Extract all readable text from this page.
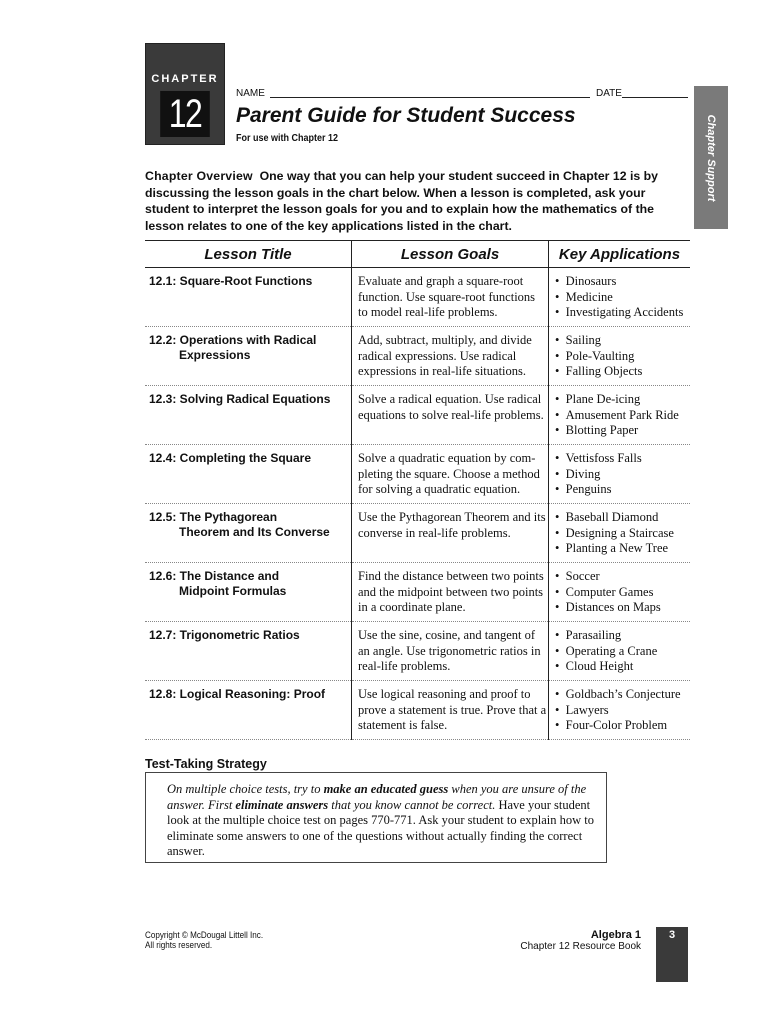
CHAPTER
12	NAME	DATE
Parent Guide for Student Success
For use with Chapter 12	Chapter Support
Chapter Overview One way that you can help your student succeed in Chapter 12 is by discussing the lesson goals in the chart below. When a lesson is completed, ask your student to interpret the lesson goals for you and to explain how the mathematics of the lesson relates to one of the key applications listed in the chart.
Lesson Title	Lesson Goals	Key Applications

12.1: Square-Root Functions	Evaluate and graph a square-root
function. Use square-root functions
to model real-life problems.	•  Dinosaurs
•  Medicine
•  Investigating Accidents

12.2: Operations with Radical
Expressions	Add, subtract, multiply, and divide
radical expressions. Use radical
expressions in real-life situations.	•  Sailing
•  Pole-Vaulting
•  Falling Objects

12.3: Solving Radical Equations	Solve a radical equation. Use radical
equations to solve real-life problems.	•  Plane De-icing
•  Amusement Park Ride
•  Blotting Paper

12.4: Completing the Square	Solve a quadratic equation by com-
pleting the square. Choose a method
for solving a quadratic equation.	•  Vettisfoss Falls
•  Diving
•  Penguins

12.5: The Pythagorean
Theorem and Its Converse	Use the Pythagorean Theorem and its
converse in real-life problems.	•  Baseball Diamond
•  Designing a Staircase
•  Planting a New Tree

12.6: The Distance and
Midpoint Formulas	Find the distance between two points
and the midpoint between two points
in a coordinate plane.	•  Soccer
•  Computer Games
•  Distances on Maps

12.7: Trigonometric Ratios	Use the sine, cosine, and tangent of
an angle. Use trigonometric ratios in
real-life problems.	•  Parasailing
•  Operating a Crane
•  Cloud Height

12.8: Logical Reasoning: Proof	Use logical reasoning and proof to
prove a statement is true. Prove that a
statement is false.	•  Goldbach’s Conjecture
•  Lawyers
•  Four-Color Problem
Test-Taking Strategy
On multiple choice tests, try to make an educated guess when you are unsure of the answer. First eliminate answers that you know cannot be correct. Have your student look at the multiple choice test on pages 770-771. Ask your student to explain how to eliminate some answers to one of the questions without actually finding the correct answer.
Copyright © McDougal Littell Inc.
All rights reserved.
Algebra 1
Chapter 12 Resource Book
3
